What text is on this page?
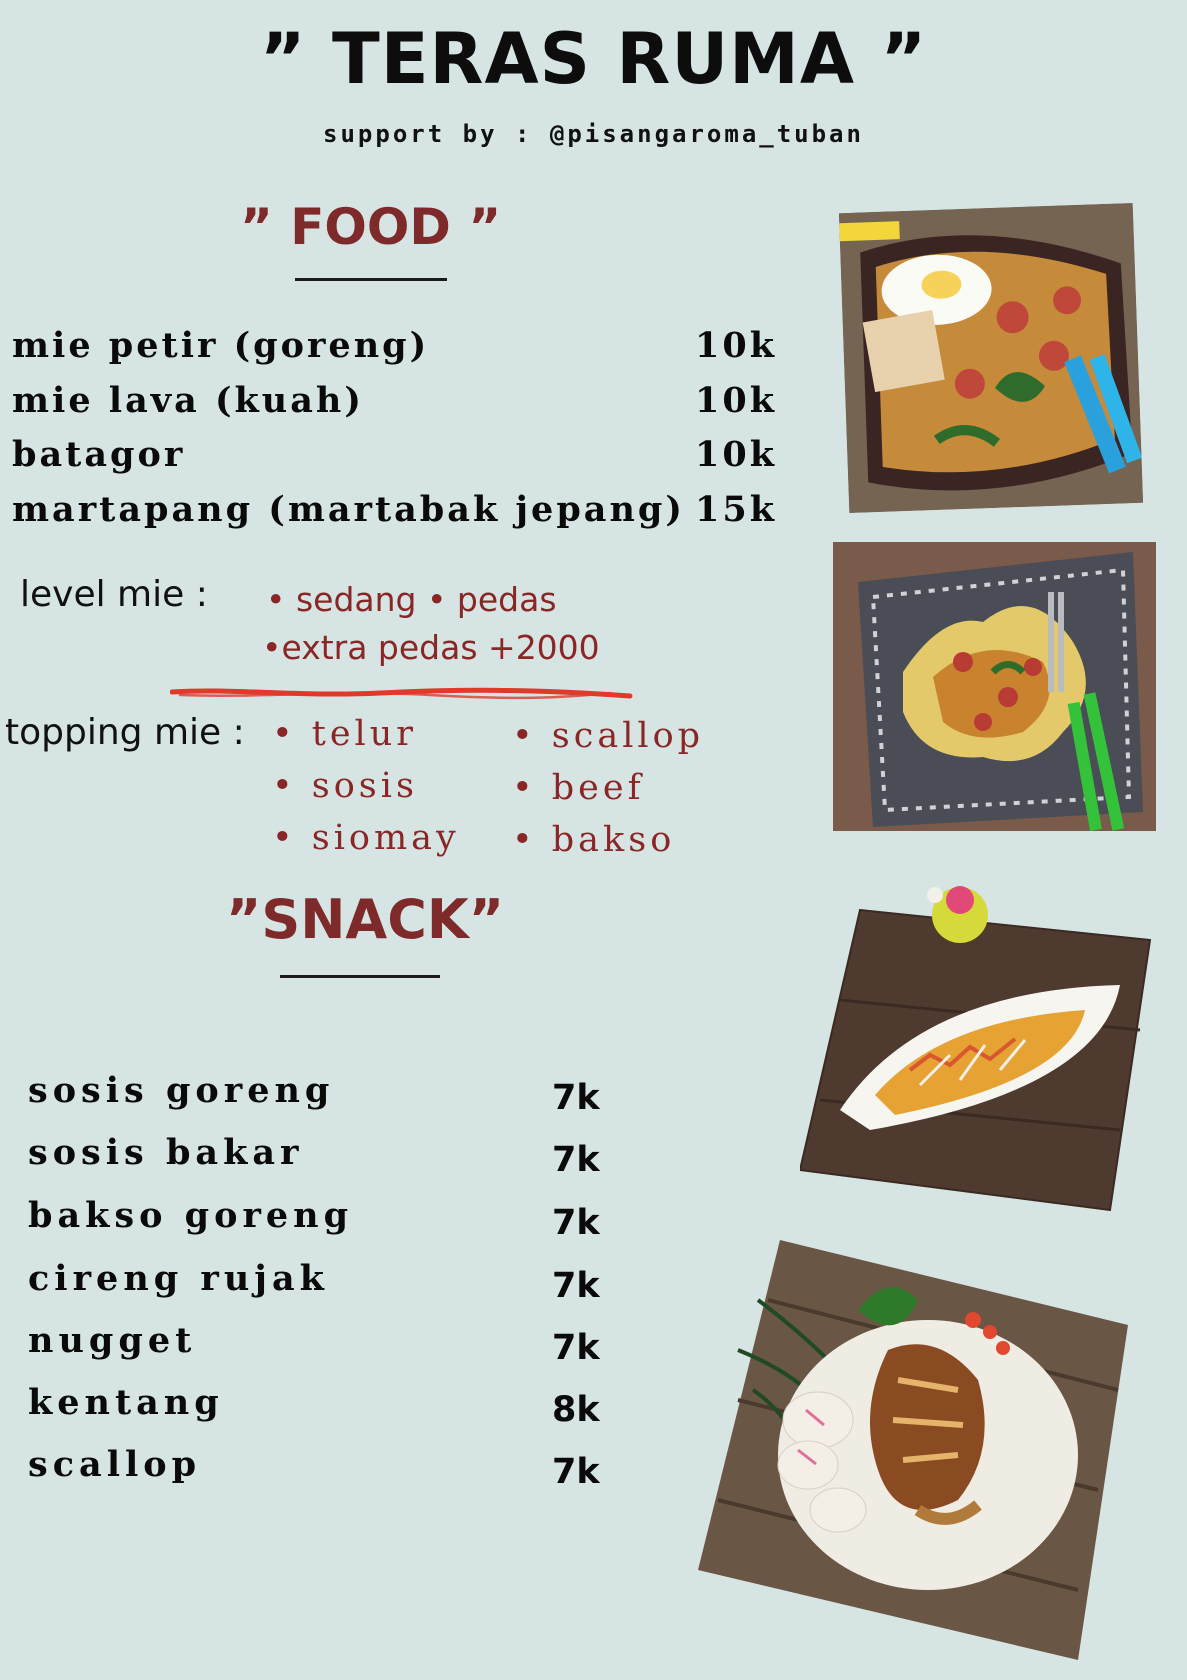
” TERAS RUMA ”
support by : @pisangaroma_tuban
” FOOD ”
mie petir (goreng)	10k
mie lava (kuah)	10k
batagor	10k
martapang (martabak jepang) 15k
level mie : • sedang • pedas
•extra pedas +2000
topping mie : • telur
• sosis
• siomay
• scallop
• beef
• bakso
”SNACK”
sosis goreng	7k
sosis bakar	7k
bakso goreng	7k
cireng rujak	7k
nugget	7k
kentang	8k
scallop	7k
